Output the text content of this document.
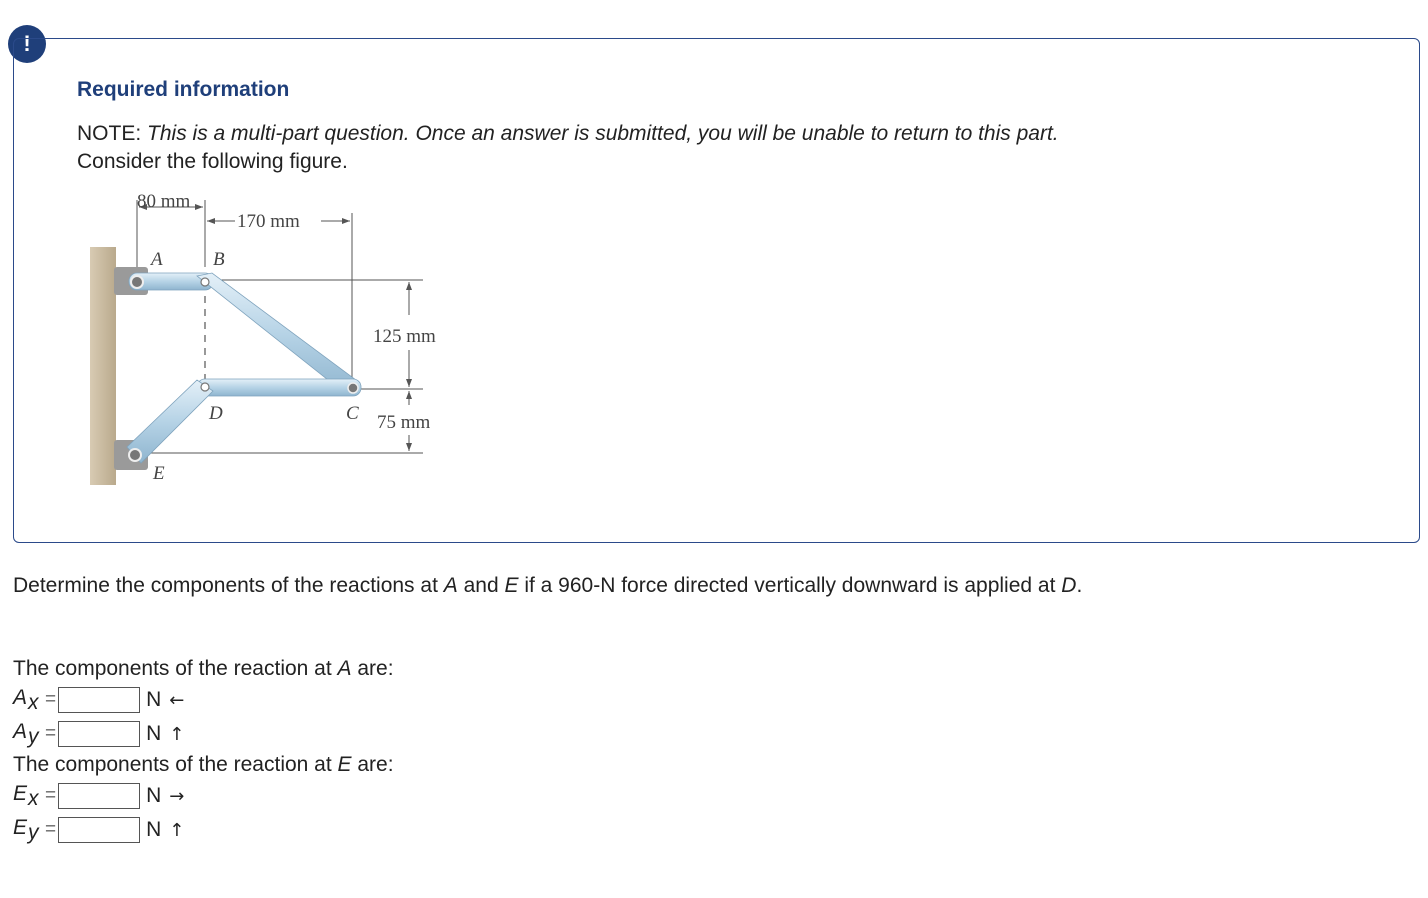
!
Required information
NOTE: This is a multi-part question. Once an answer is submitted, you will be unable to return to this part.
Consider the following figure.
80 mm
170 mm
125 mm
75 mm
A	B
D	C
E
Determine the components of the reactions at A and E if a 960-N force directed vertically downward is applied at D.
The components of the reaction at A are:
$A_x$ =	N ←
$A_y$ =	N ↑
The components of the reaction at E are:
$E_x$ =	N →
$E_y$ =	N ↑
